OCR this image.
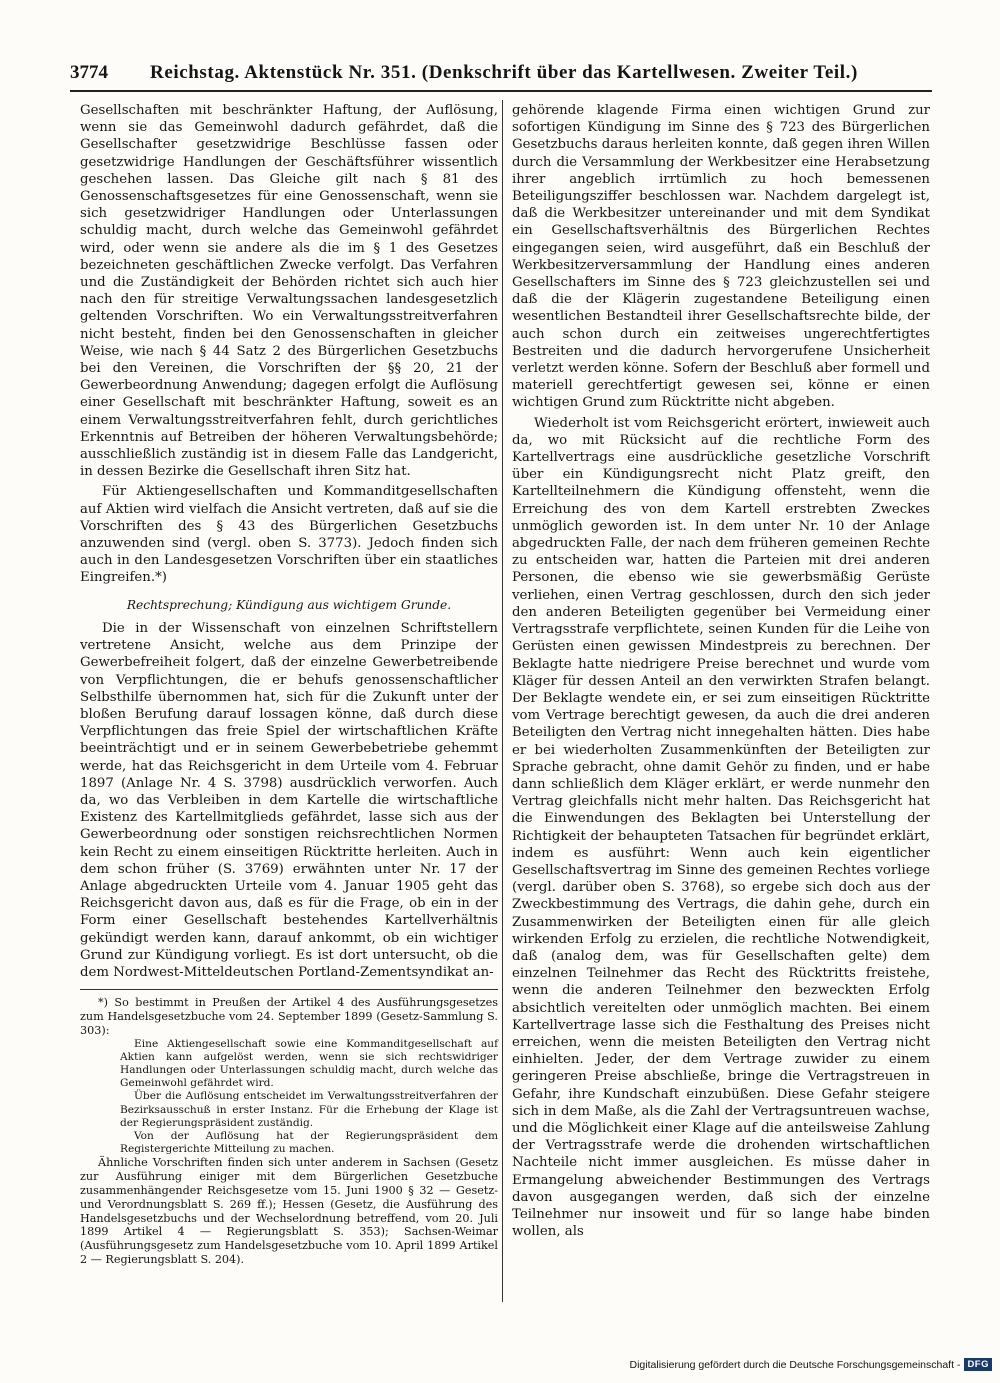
3774 Reichstag. Aktenstück Nr. 351. (Denkschrift über das Kartellwesen. Zweiter Teil.)

Gesellschaften mit beschränkter Haftung, der Auflösung, wenn sie das Gemeinwohl dadurch gefährdet, daß die Gesellschafter gesetzwidrige Beschlüsse fassen oder gesetzwidrige Handlungen der Geschäftsführer wissentlich geschehen lassen. Das Gleiche gilt nach § 81 des Genossenschaftsgesetzes für eine Genossenschaft, wenn sie sich gesetzwidriger Handlungen oder Unterlassungen schuldig macht, durch welche das Gemeinwohl gefährdet wird, oder wenn sie andere als die im § 1 des Gesetzes bezeichneten geschäftlichen Zwecke verfolgt. Das Verfahren und die Zuständigkeit der Behörden richtet sich auch hier nach den für streitige Verwaltungssachen landesgesetzlich geltenden Vorschriften. Wo ein Verwaltungsstreitverfahren nicht besteht, finden bei den Genossenschaften in gleicher Weise, wie nach § 44 Satz 2 des Bürgerlichen Gesetzbuchs bei den Vereinen, die Vorschriften der §§ 20, 21 der Gewerbeordnung Anwendung; dagegen erfolgt die Auflösung einer Gesellschaft mit beschränkter Haftung, soweit es an einem Verwaltungsstreitverfahren fehlt, durch gerichtliches Erkenntnis auf Betreiben der höheren Verwaltungsbehörde; ausschließlich zuständig ist in diesem Falle das Landgericht, in dessen Bezirke die Gesellschaft ihren Sitz hat.

Für Aktiengesellschaften und Kommanditgesellschaften auf Aktien wird vielfach die Ansicht vertreten, daß auf sie die Vorschriften des § 43 des Bürgerlichen Gesetzbuchs anzuwenden sind (vergl. oben S. 3773). Jedoch finden sich auch in den Landesgesetzen Vorschriften über ein staatliches Eingreifen.*)

Rechtsprechung; Kündigung aus wichtigem Grunde.

Die in der Wissenschaft von einzelnen Schriftstellern vertretene Ansicht, welche aus dem Prinzipe der Gewerbefreiheit folgert, daß der einzelne Gewerbetreibende von Verpflichtungen, die er behufs genossenschaftlicher Selbsthilfe übernommen hat, sich für die Zukunft unter der bloßen Berufung darauf lossagen könne, daß durch diese Verpflichtungen das freie Spiel der wirtschaftlichen Kräfte beeinträchtigt und er in seinem Gewerbebetriebe gehemmt werde, hat das Reichsgericht in dem Urteile vom 4. Februar 1897 (Anlage Nr. 4 S. 3798) ausdrücklich verworfen. Auch da, wo das Verbleiben in dem Kartelle die wirtschaftliche Existenz des Kartellmitglieds gefährdet, lasse sich aus der Gewerbeordnung oder sonstigen reichsrechtlichen Normen kein Recht zu einem einseitigen Rücktritte herleiten. Auch in dem schon früher (S. 3769) erwähnten unter Nr. 17 der Anlage abgedruckten Urteile vom 4. Januar 1905 geht das Reichsgericht davon aus, daß es für die Frage, ob ein in der Form einer Gesellschaft bestehendes Kartellverhältnis gekündigt werden kann, darauf ankommt, ob ein wichtiger Grund zur Kündigung vorliegt. Es ist dort untersucht, ob die dem Nordwest-Mitteldeutschen Portland-Zementsyndikat an-

*) So bestimmt in Preußen der Artikel 4 des Ausführungsgesetzes zum Handelsgesetzbuche vom 24. September 1899 (Gesetz-Sammlung S. 303):

Eine Aktiengesellschaft sowie eine Kommanditgesellschaft auf Aktien kann aufgelöst werden, wenn sie sich rechtswidriger Handlungen oder Unterlassungen schuldig macht, durch welche das Gemeinwohl gefährdet wird.

Über die Auflösung entscheidet im Verwaltungsstreitverfahren der Bezirksausschuß in erster Instanz. Für die Erhebung der Klage ist der Regierungspräsident zuständig.

Von der Auflösung hat der Regierungspräsident dem Registergerichte Mitteilung zu machen.

Ähnliche Vorschriften finden sich unter anderem in Sachsen (Gesetz zur Ausführung einiger mit dem Bürgerlichen Gesetzbuche zusammenhängender Reichsgesetze vom 15. Juni 1900 § 32 — Gesetz- und Verordnungsblatt S. 269 ff.); Hessen (Gesetz, die Ausführung des Handelsgesetzbuchs und der Wechselordnung betreffend, vom 20. Juli 1899 Artikel 4 — Regierungsblatt S. 353); Sachsen-Weimar (Ausführungsgesetz zum Handelsgesetzbuche vom 10. April 1899 Artikel 2 — Regierungsblatt S. 204).

gehörende klagende Firma einen wichtigen Grund zur sofortigen Kündigung im Sinne des § 723 des Bürgerlichen Gesetzbuchs daraus herleiten konnte, daß gegen ihren Willen durch die Versammlung der Werkbesitzer eine Herabsetzung ihrer angeblich irrtümlich zu hoch bemessenen Beteiligungsziffer beschlossen war. Nachdem dargelegt ist, daß die Werkbesitzer untereinander und mit dem Syndikat ein Gesellschaftsverhältnis des Bürgerlichen Rechtes eingegangen seien, wird ausgeführt, daß ein Beschluß der Werkbesitzerversammlung der Handlung eines anderen Gesellschafters im Sinne des § 723 gleichzustellen sei und daß die der Klägerin zugestandene Beteiligung einen wesentlichen Bestandteil ihrer Gesellschaftsrechte bilde, der auch schon durch ein zeitweises ungerechtfertigtes Bestreiten und die dadurch hervorgerufene Unsicherheit verletzt werden könne. Sofern der Beschluß aber formell und materiell gerechtfertigt gewesen sei, könne er einen wichtigen Grund zum Rücktritte nicht abgeben.

Wiederholt ist vom Reichsgericht erörtert, inwieweit auch da, wo mit Rücksicht auf die rechtliche Form des Kartellvertrags eine ausdrückliche gesetzliche Vorschrift über ein Kündigungsrecht nicht Platz greift, den Kartellteilnehmern die Kündigung offensteht, wenn die Erreichung des von dem Kartell erstrebten Zweckes unmöglich geworden ist. In dem unter Nr. 10 der Anlage abgedruckten Falle, der nach dem früheren gemeinen Rechte zu entscheiden war, hatten die Parteien mit drei anderen Personen, die ebenso wie sie gewerbsmäßig Gerüste verliehen, einen Vertrag geschlossen, durch den sich jeder den anderen Beteiligten gegenüber bei Vermeidung einer Vertragsstrafe verpflichtete, seinen Kunden für die Leihe von Gerüsten einen gewissen Mindestpreis zu berechnen. Der Beklagte hatte niedrigere Preise berechnet und wurde vom Kläger für dessen Anteil an den verwirkten Strafen belangt. Der Beklagte wendete ein, er sei zum einseitigen Rücktritte vom Vertrage berechtigt gewesen, da auch die drei anderen Beteiligten den Vertrag nicht innegehalten hätten. Dies habe er bei wiederholten Zusammenkünften der Beteiligten zur Sprache gebracht, ohne damit Gehör zu finden, und er habe dann schließlich dem Kläger erklärt, er werde nunmehr den Vertrag gleichfalls nicht mehr halten. Das Reichsgericht hat die Einwendungen des Beklagten bei Unterstellung der Richtigkeit der behaupteten Tatsachen für begründet erklärt, indem es ausführt: Wenn auch kein eigentlicher Gesellschaftsvertrag im Sinne des gemeinen Rechtes vorliege (vergl. darüber oben S. 3768), so ergebe sich doch aus der Zweckbestimmung des Vertrags, die dahin gehe, durch ein Zusammenwirken der Beteiligten einen für alle gleich wirkenden Erfolg zu erzielen, die rechtliche Notwendigkeit, daß (analog dem, was für Gesellschaften gelte) dem einzelnen Teilnehmer das Recht des Rücktritts freistehe, wenn die anderen Teilnehmer den bezweckten Erfolg absichtlich vereitelten oder unmöglich machten. Bei einem Kartellvertrage lasse sich die Festhaltung des Preises nicht erreichen, wenn die meisten Beteiligten den Vertrag nicht einhielten. Jeder, der dem Vertrage zuwider zu einem geringeren Preise abschließe, bringe die Vertragstreuen in Gefahr, ihre Kundschaft einzubüßen. Diese Gefahr steigere sich in dem Maße, als die Zahl der Vertragsuntreuen wachse, und die Möglichkeit einer Klage auf die anteilsweise Zahlung der Vertragsstrafe werde die drohenden wirtschaftlichen Nachteile nicht immer ausgleichen. Es müsse daher in Ermangelung abweichender Bestimmungen des Vertrags davon ausgegangen werden, daß sich der einzelne Teilnehmer nur insoweit und für so lange habe binden wollen, als

Digitalisierung gefördert durch die Deutsche Forschungsgemeinschaft - DFG
